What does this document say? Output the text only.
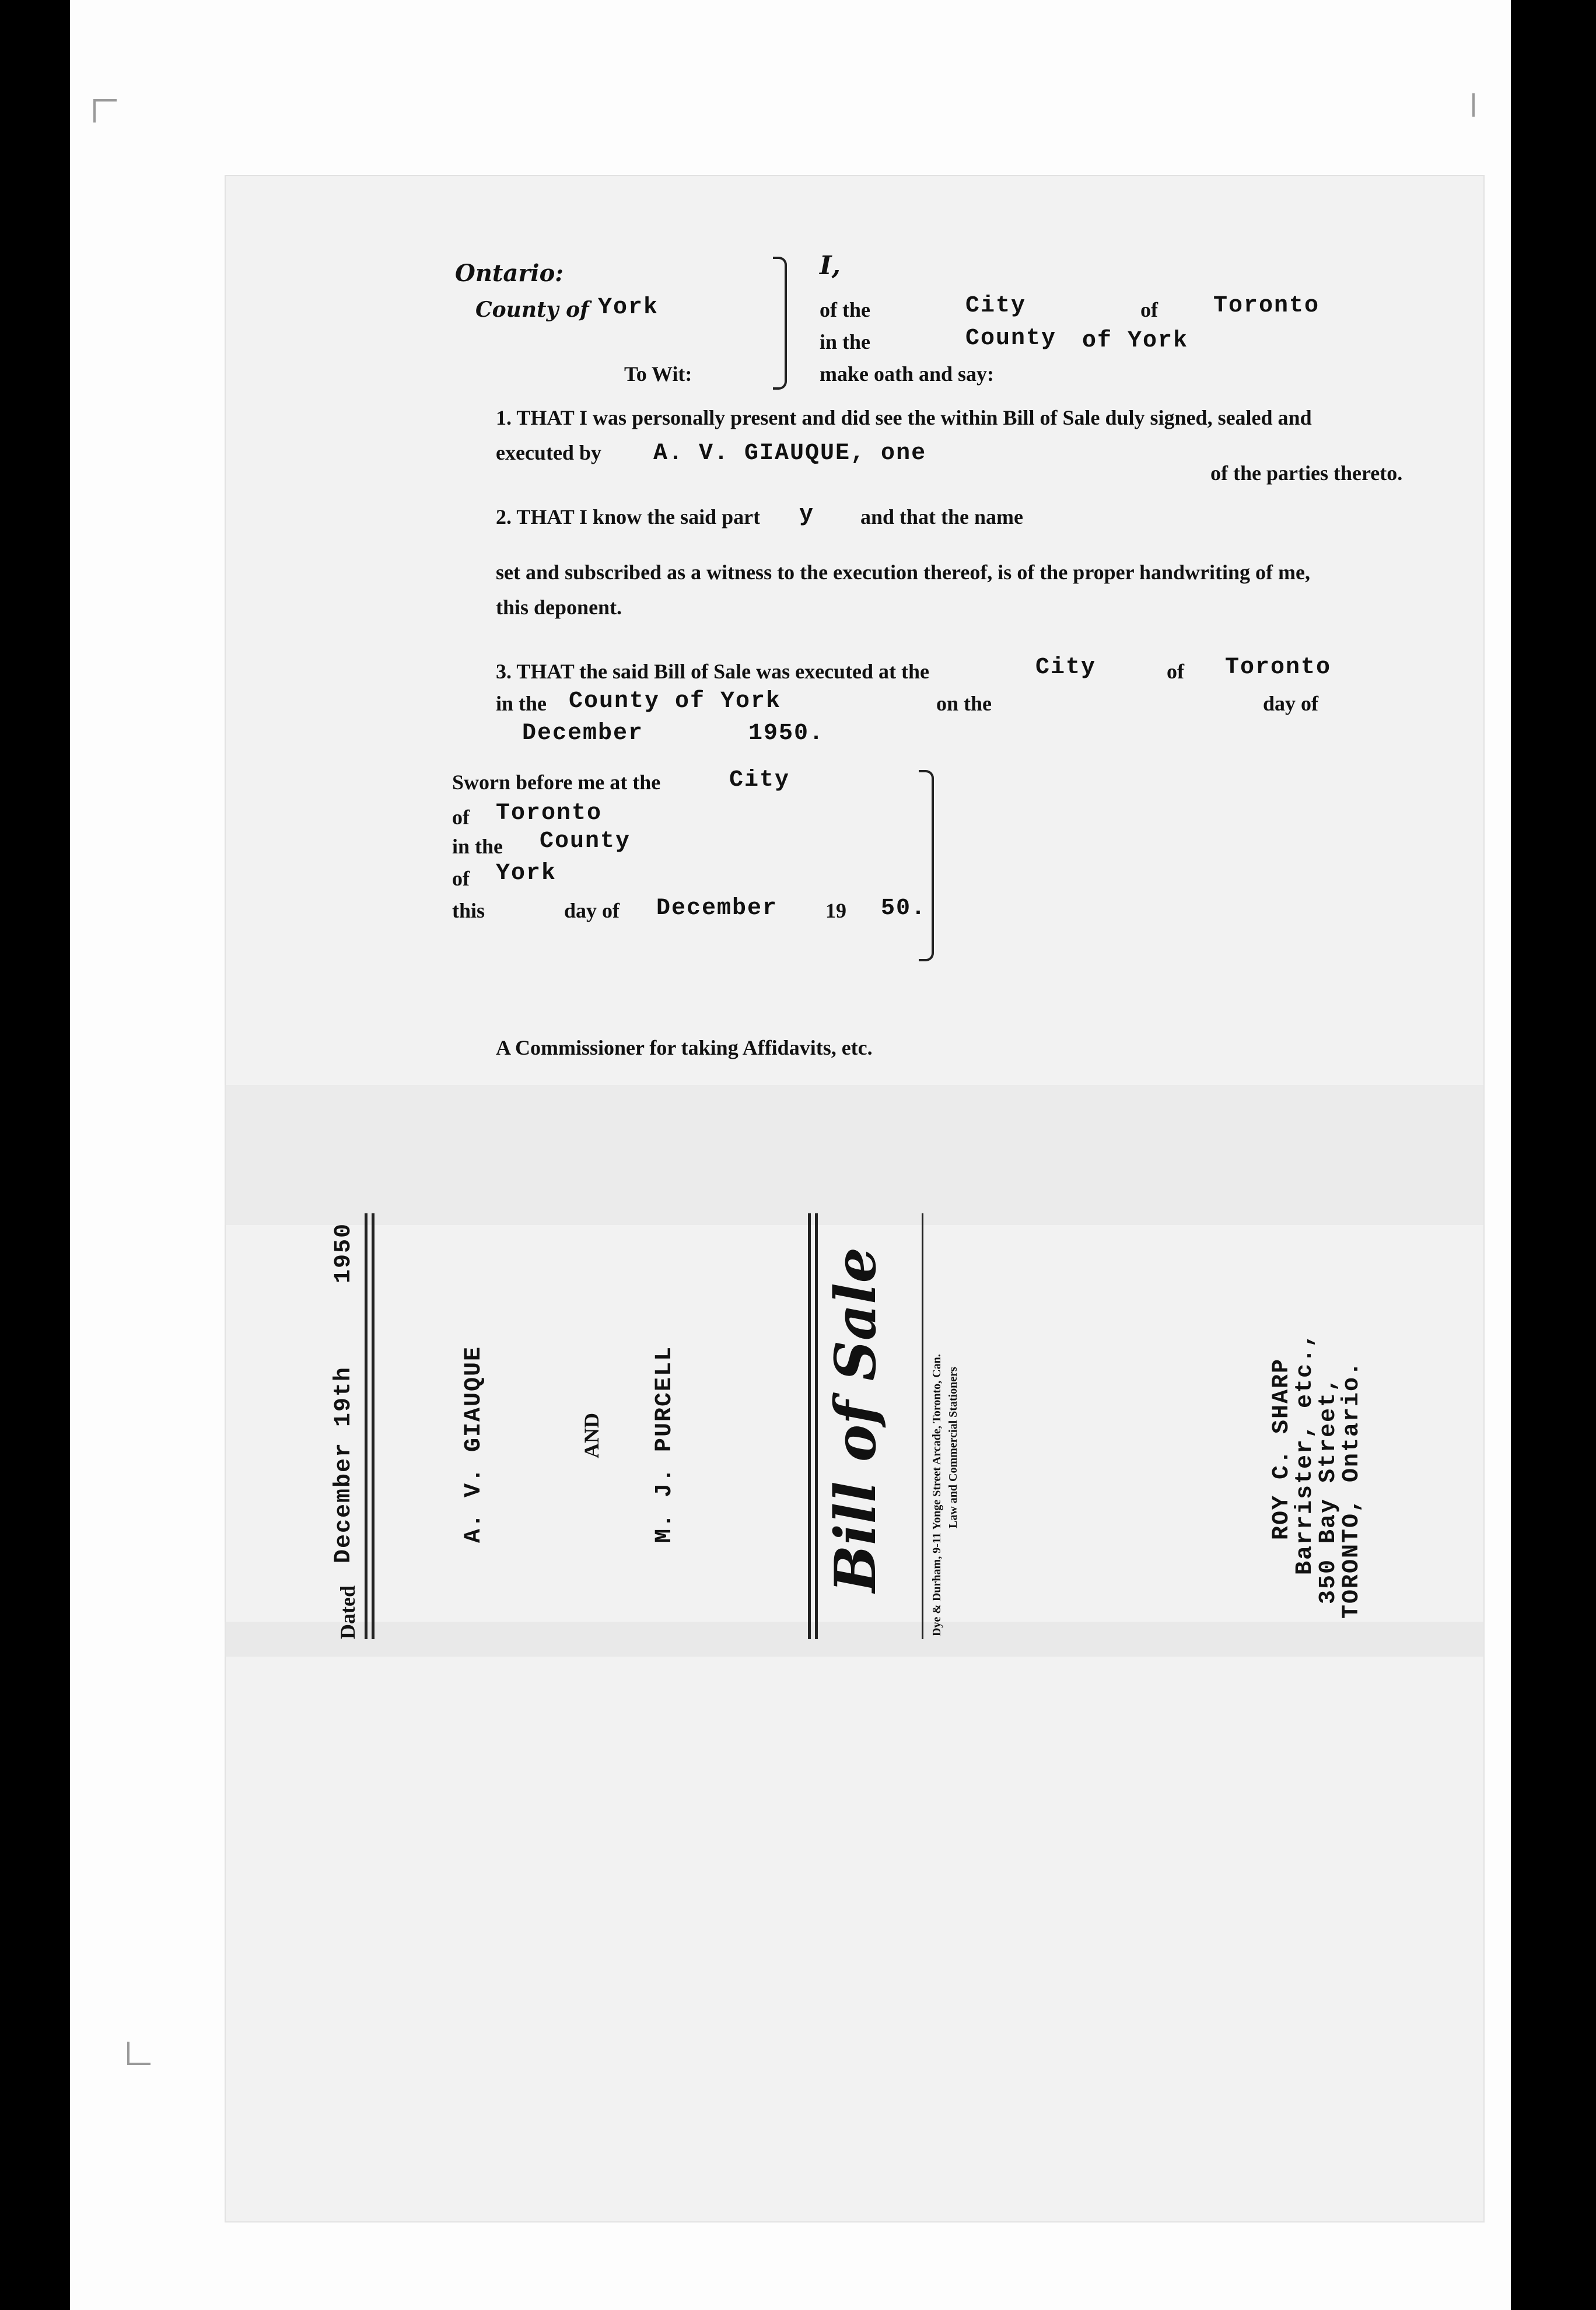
Ontario:
County of York
To Wit:
I,
of the	City	of Toronto
in the	County of York
make oath and say:
1. THAT I was personally present and did see the within Bill of Sale duly signed, sealed and
executed by A. V. GIAUQUE, one
of the parties thereto.
2. THAT I know the said part y and that the name
set and subscribed as a witness to the execution thereof, is of the proper handwriting of me,
this deponent.
3. THAT the said Bill of Sale was executed at the	City	of Toronto
in the County of York	on the	day of
December	1950.
Sworn before me at the	City
of Toronto
in the County
of York
this	day of December 19 50.
A Commissioner for taking Affidavits, etc.
Dated
December 19th
1950
A. V. GIAUQUE	AND M. J. PURCELL	Bill of Sale	Dye & Durham, 9-11 Yonge Street Arcade, Toronto, Can. Law and Commercial Stationers	ROY C. SHARP
Barrister, etc.,
350 Bay Street,
TORONTO, Ontario.
